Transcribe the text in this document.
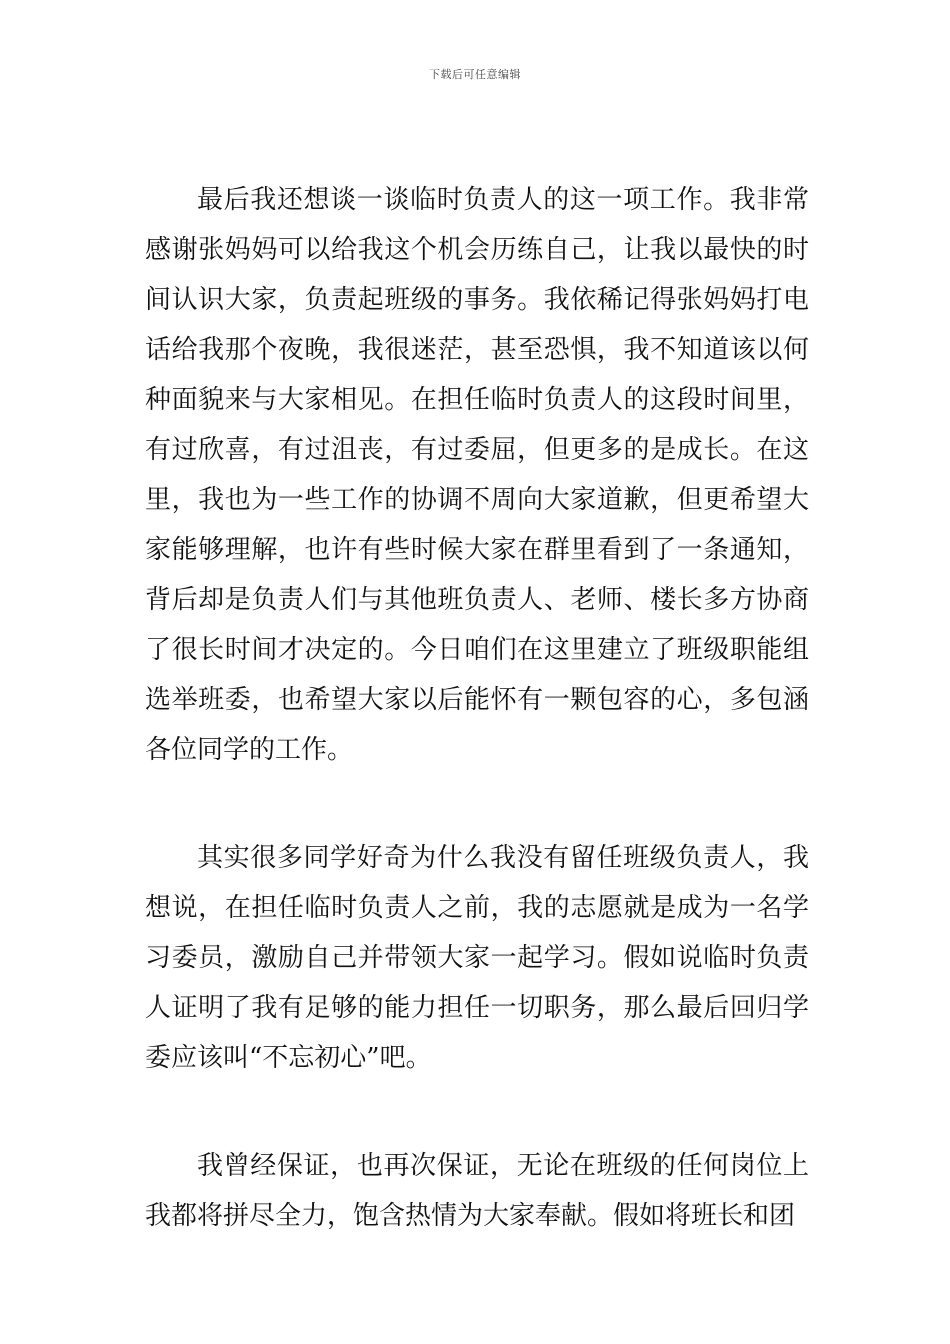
下载后可任意编辑

最后我还想谈一谈临时负责人的这一项工作。我非常感谢张妈妈可以给我这个机会历练自己，让我以最快的时间认识大家，负责起班级的事务。我依稀记得张妈妈打电话给我那个夜晚，我很迷茫，甚至恐惧，我不知道该以何种面貌来与大家相见。在担任临时负责人的这段时间里，有过欣喜，有过沮丧，有过委屈，但更多的是成长。在这里，我也为一些工作的协调不周向大家道歉，但更希望大家能够理解，也许有些时候大家在群里看到了一条通知，背后却是负责人们与其他班负责人、老师、楼长多方协商了很长时间才决定的。今日咱们在这里建立了班级职能组选举班委，也希望大家以后能怀有一颗包容的心，多包涵各位同学的工作。

其实很多同学好奇为什么我没有留任班级负责人，我想说，在担任临时负责人之前，我的志愿就是成为一名学习委员，激励自己并带领大家一起学习。假如说临时负责人证明了我有足够的能力担任一切职务，那么最后回归学委应该叫“不忘初心”吧。

我曾经保证，也再次保证，无论在班级的任何岗位上我都将拼尽全力，饱含热情为大家奉献。假如将班长和团
